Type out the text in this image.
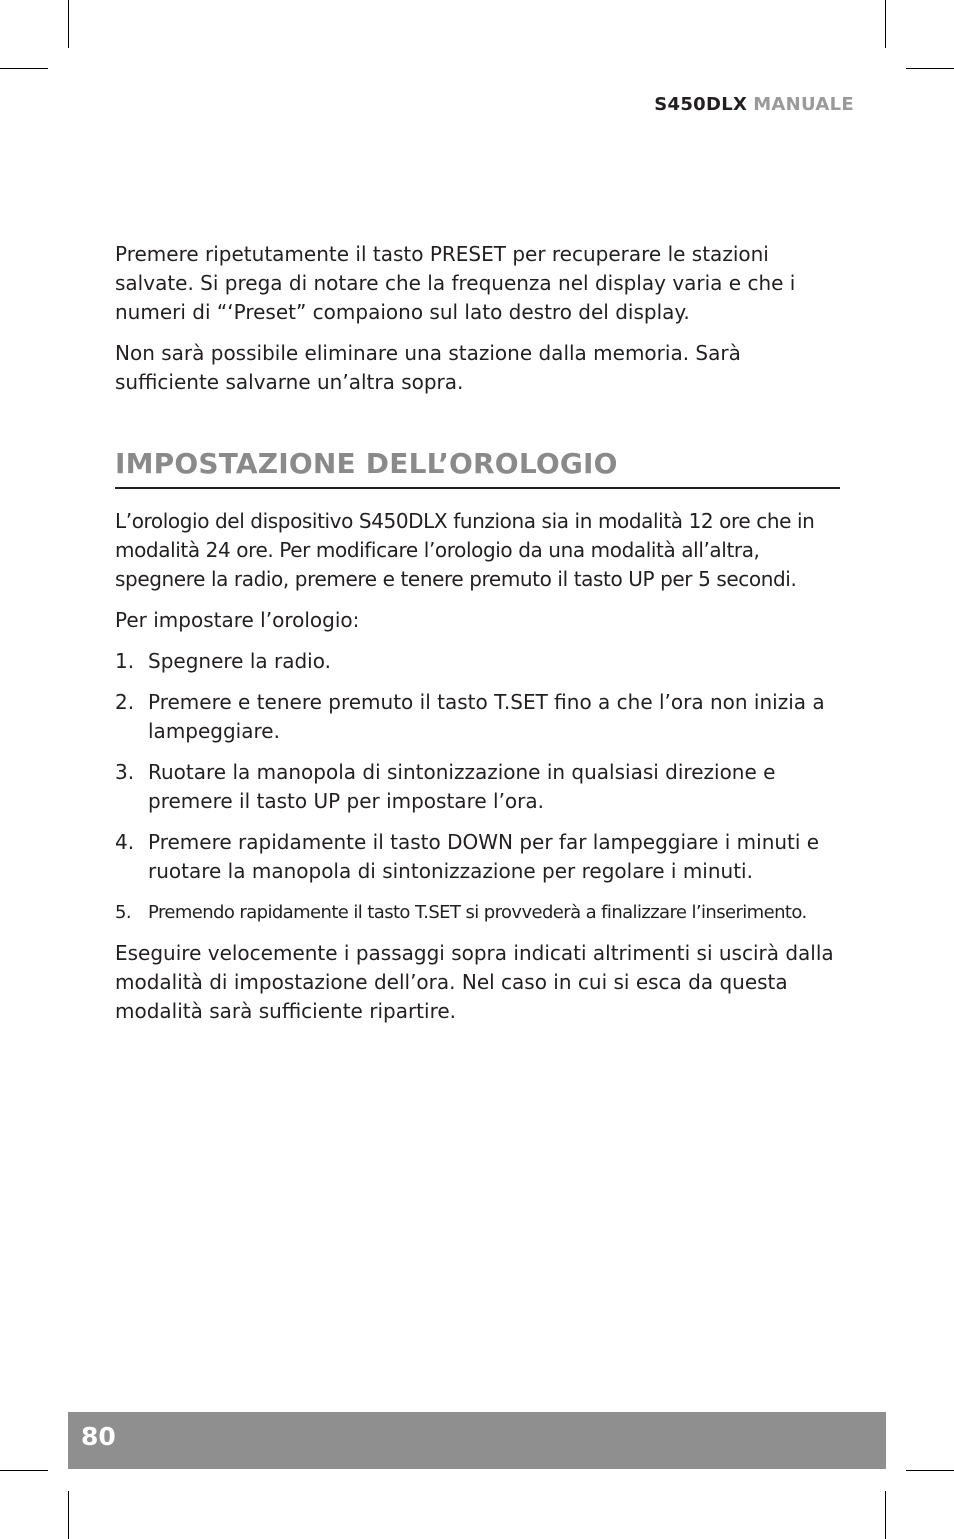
S450DLX MANUALE

Premere ripetutamente il tasto PRESET per recuperare le stazioni salvate. Si prega di notare che la frequenza nel display varia e che i numeri di “‘Preset” compaiono sul lato destro del display.

Non sarà possibile eliminare una stazione dalla memoria. Sarà sufficiente salvarne un’altra sopra.

IMPOSTAZIONE DELL’OROLOGIO

L’orologio del dispositivo S450DLX funziona sia in modalità 12 ore che in modalità 24 ore. Per modificare l’orologio da una modalità all’altra, spegnere la radio, premere e tenere premuto il tasto UP per 5 secondi.

Per impostare l’orologio:

1. Spegnere la radio.
2. Premere e tenere premuto il tasto T.SET fino a che l’ora non inizia a lampeggiare.
3. Ruotare la manopola di sintonizzazione in qualsiasi direzione e premere il tasto UP per impostare l’ora.
4. Premere rapidamente il tasto DOWN per far lampeggiare i minuti e ruotare la manopola di sintonizzazione per regolare i minuti.
5. Premendo rapidamente il tasto T.SET si provvederà a finalizzare l’inserimento.

Eseguire velocemente i passaggi sopra indicati altrimenti si uscirà dalla modalità di impostazione dell’ora. Nel caso in cui si esca da questa modalità sarà sufficiente ripartire.

80
